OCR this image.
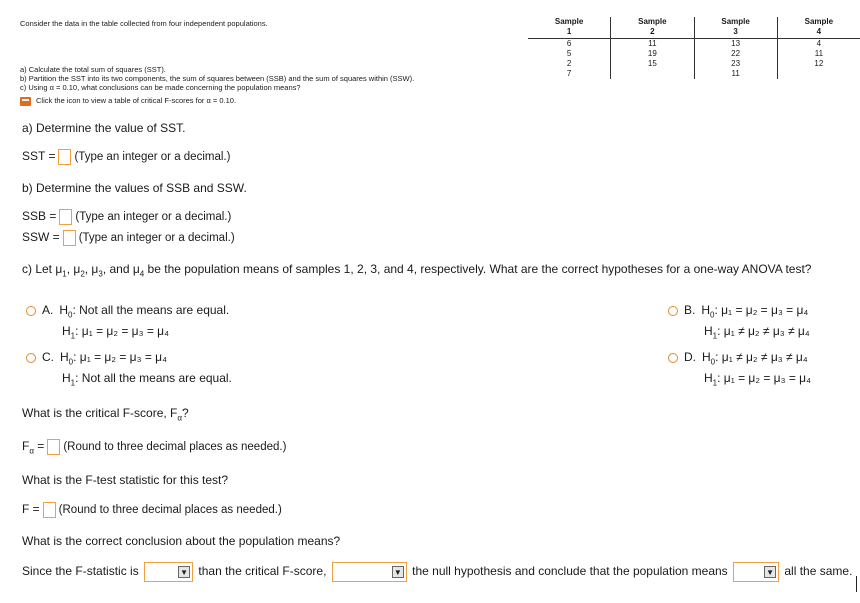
Consider the data in the table collected from four independent populations.
a) Calculate the total sum of squares (SST).
b) Partition the SST into its two components, the sum of squares between (SSB) and the sum of squares within (SSW).
c) Using α = 0.10, what conclusions can be made concerning the population means?
Click the icon to view a table of critical F-scores for α = 0.10.
Sample	Sample	Sample	Sample
1	2	3	4
6	11	13	4
5	19	22	11
2	15	23	12
7		11	
a) Determine the value of SST.
SST = (Type an integer or a decimal.)
b) Determine the values of SSB and SSW.
SSB = (Type an integer or a decimal.)
SSW = (Type an integer or a decimal.)
c) Let $\mu_1$, $\mu_2$, $\mu_3$, and $\mu_4$ be the population means of samples 1, 2, 3, and 4, respectively. What are the correct hypotheses for a one-way ANOVA test?
A. $H_0$: Not all the means are equal.
$H_1$: μ₁ = μ₂ = μ₃ = μ₄
C. $H_0$: μ₁ = μ₂ = μ₃ = μ₄
$H_1$: Not all the means are equal.
B. $H_0$: μ₁ = μ₂ = μ₃ = μ₄
$H_1$: μ₁ ≠ μ₂ ≠ μ₃ ≠ μ₄
D. $H_0$: μ₁ ≠ μ₂ ≠ μ₃ ≠ μ₄
$H_1$: μ₁ = μ₂ = μ₃ = μ₄
What is the critical F-score, $F_\alpha$?
$F_\alpha$ = (Round to three decimal places as needed.)
What is the F-test statistic for this test?
F = (Round to three decimal places as needed.)
What is the correct conclusion about the population means?
Since the F-statistic is	▼ than the critical F-score,	▼ the null hypothesis and conclude that the population means	▼ all the same.
